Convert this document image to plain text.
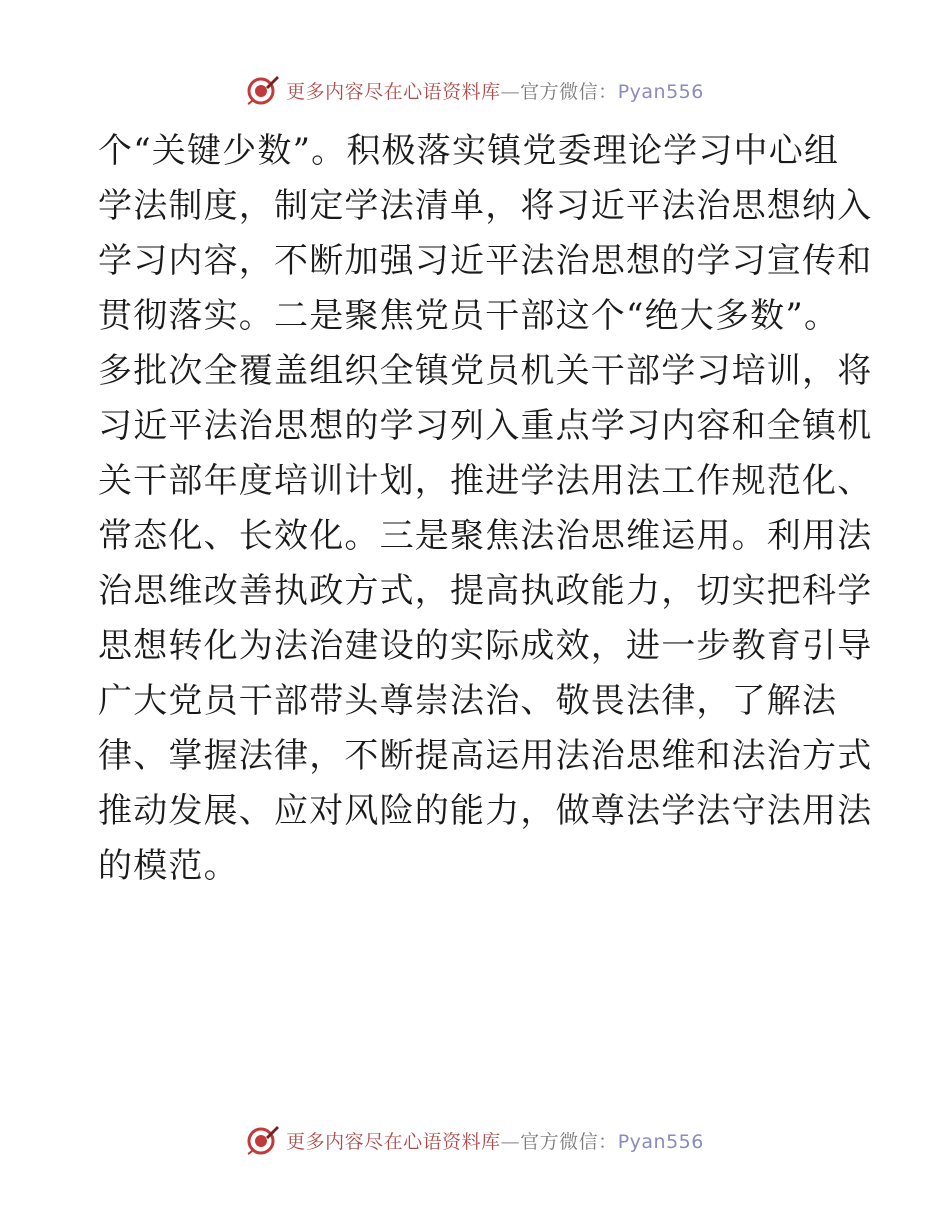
更多内容尽在心语资料库—官方微信：Pyan556
个“关键少数”。积极落实镇党委理论学习中心组
学法制度，制定学法清单，将习近平法治思想纳入
学习内容，不断加强习近平法治思想的学习宣传和
贯彻落实。二是聚焦党员干部这个“绝大多数”。
多批次全覆盖组织全镇党员机关干部学习培训，将
习近平法治思想的学习列入重点学习内容和全镇机
关干部年度培训计划，推进学法用法工作规范化、
常态化、长效化。三是聚焦法治思维运用。利用法
治思维改善执政方式，提高执政能力，切实把科学
思想转化为法治建设的实际成效，进一步教育引导
广大党员干部带头尊崇法治、敬畏法律，了解法
律、掌握法律，不断提高运用法治思维和法治方式
推动发展、应对风险的能力，做尊法学法守法用法
的模范。
更多内容尽在心语资料库—官方微信：Pyan556
